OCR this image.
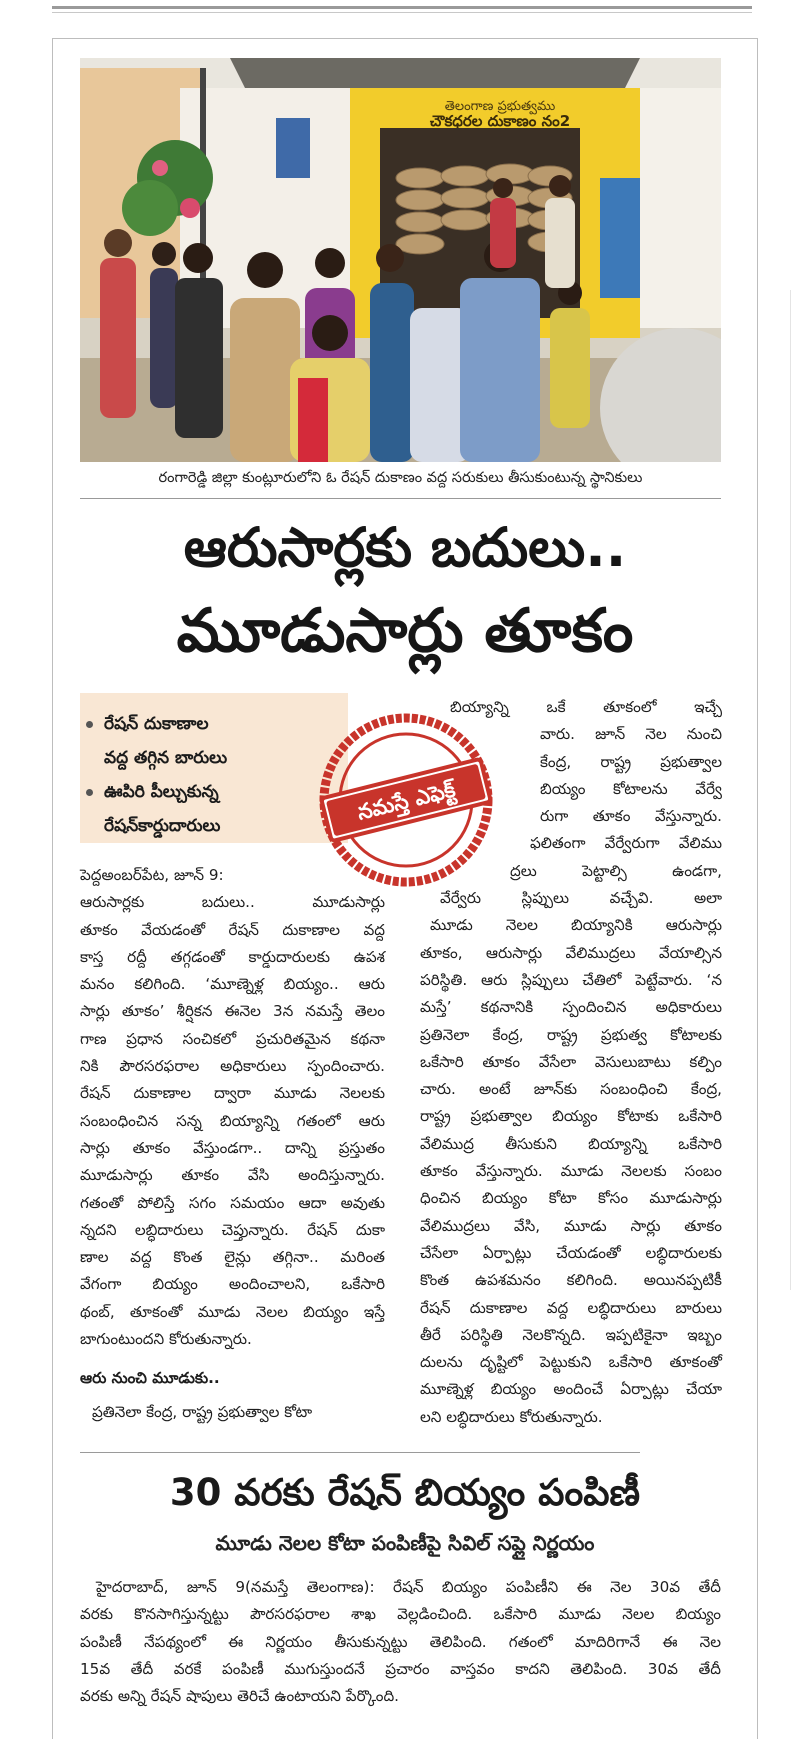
తెలంగాణ ప్రభుత్వము
చౌకధరల దుకాణం నం2
రంగారెడ్డి జిల్లా కుంట్లూరులోని ఓ రేషన్ దుకాణం వద్ద సరుకులు తీసుకుంటున్న స్థానికులు
ఆరుసార్లకు బదులు..
మూడుసార్లు తూకం
రేషన్ దుకాణాల
వద్ద తగ్గిన బారులు
ఊపిరి పీల్చుకున్న
రేషన్‌కార్డుదారులు
నమస్తే ఎఫెక్ట్

పెద్దఅంబర్‌పేట, జూన్ 9:

ఆరుసార్లకు బదులు.. మూడుసార్లు

తూకం వేయడంతో రేషన్ దుకాణాల వద్ద

కాస్త రద్దీ తగ్గడంతో కార్డుదారులకు ఉపశ

మనం కలిగింది. ‘మూణ్నెళ్ల బియ్యం.. ఆరు

సార్లు తూకం’ శీర్షికన ఈనెల 3న నమస్తే తెలం

గాణ ప్రధాన సంచికలో ప్రచురితమైన కథనా

నికి పౌరసరఫరాల అధికారులు స్పందించారు.

రేషన్ దుకాణాల ద్వారా మూడు నెలలకు

సంబంధించిన సన్న బియ్యాన్ని గతంలో ఆరు

సార్లు తూకం వేస్తుండగా.. దాన్ని ప్రస్తుతం

మూడుసార్లు తూకం వేసి అందిస్తున్నారు.

గతంతో పోలిస్తే సగం సమయం ఆదా అవుతు

న్నదని లబ్ధిదారులు చెప్తున్నారు. రేషన్ దుకా

ణాల వద్ద కొంత లైన్లు తగ్గినా.. మరింత

వేగంగా బియ్యం అందించాలని, ఒకేసారి

థంబ్, తూకంతో మూడు నెలల బియ్యం ఇస్తే

బాగుంటుందని కోరుతున్నారు.

ఆరు నుంచి మూడుకు..

ప్రతినెలా కేంద్ర, రాష్ట్ర ప్రభుత్వాల కోటా

బియ్యాన్ని ఒకే తూకంలో ఇచ్చే

వారు. జూన్ నెల నుంచి

కేంద్ర, రాష్ట్ర ప్రభుత్వాల

బియ్యం కోటాలను వేర్వే

రుగా తూకం వేస్తున్నారు.

ఫలితంగా వేర్వేరుగా వేలిము

ద్రలు పెట్టాల్సి ఉండగా,

వేర్వేరు స్లిప్పులు వచ్చేవి. అలా

మూడు నెలల బియ్యానికి ఆరుసార్లు

తూకం, ఆరుసార్లు వేలిముద్రలు వేయాల్సిన

పరిస్థితి. ఆరు స్లిప్పులు చేతిలో పెట్టేవారు. ‘న

మస్తే’ కథనానికి స్పందించిన అధికారులు

ప్రతినెలా కేంద్ర, రాష్ట్ర ప్రభుత్వ కోటాలకు

ఒకేసారి తూకం వేసేలా వెసులుబాటు కల్పిం

చారు. అంటే జూన్‌కు సంబంధించి కేంద్ర,

రాష్ట్ర ప్రభుత్వాల బియ్యం కోటాకు ఒకేసారి

వేలిముద్ర తీసుకుని బియ్యాన్ని ఒకేసారి

తూకం వేస్తున్నారు. మూడు నెలలకు సంబం

ధించిన బియ్యం కోటా కోసం మూడుసార్లు

వేలిముద్రలు వేసి, మూడు సార్లు తూకం

చేసేలా ఏర్పాట్లు చేయడంతో లబ్ధిదారులకు

కొంత ఉపశమనం కలిగింది. అయినప్పటికీ

రేషన్ దుకాణాల వద్ద లబ్ధిదారులు బారులు

తీరే పరిస్థితి నెలకొన్నది. ఇప్పటికైనా ఇబ్బం

దులను దృష్టిలో పెట్టుకుని ఒకేసారి తూకంతో

మూణ్నెళ్ల బియ్యం అందించే ఏర్పాట్లు చేయా

లని లబ్ధిదారులు కోరుతున్నారు.

30 వరకు రేషన్ బియ్యం పంపిణీ
మూడు నెలల కోటా పంపిణీపై సివిల్ సప్లై నిర్ణయం

హైదరాబాద్, జూన్ 9(నమస్తే తెలంగాణ): రేషన్ బియ్యం పంపిణీని ఈ నెల 30వ తేదీ

వరకు కొనసాగిస్తున్నట్టు పౌరసరఫరాల శాఖ వెల్లడించింది. ఒకేసారి మూడు నెలల బియ్యం

పంపిణీ నేపథ్యంలో ఈ నిర్ణయం తీసుకున్నట్టు తెలిపింది. గతంలో మాదిరిగానే ఈ నెల

15వ తేదీ వరకే పంపిణీ ముగుస్తుందనే ప్రచారం వాస్తవం కాదని తెలిపింది. 30వ తేదీ

వరకు అన్ని రేషన్ షాపులు తెరిచే ఉంటాయని పేర్కొంది.
